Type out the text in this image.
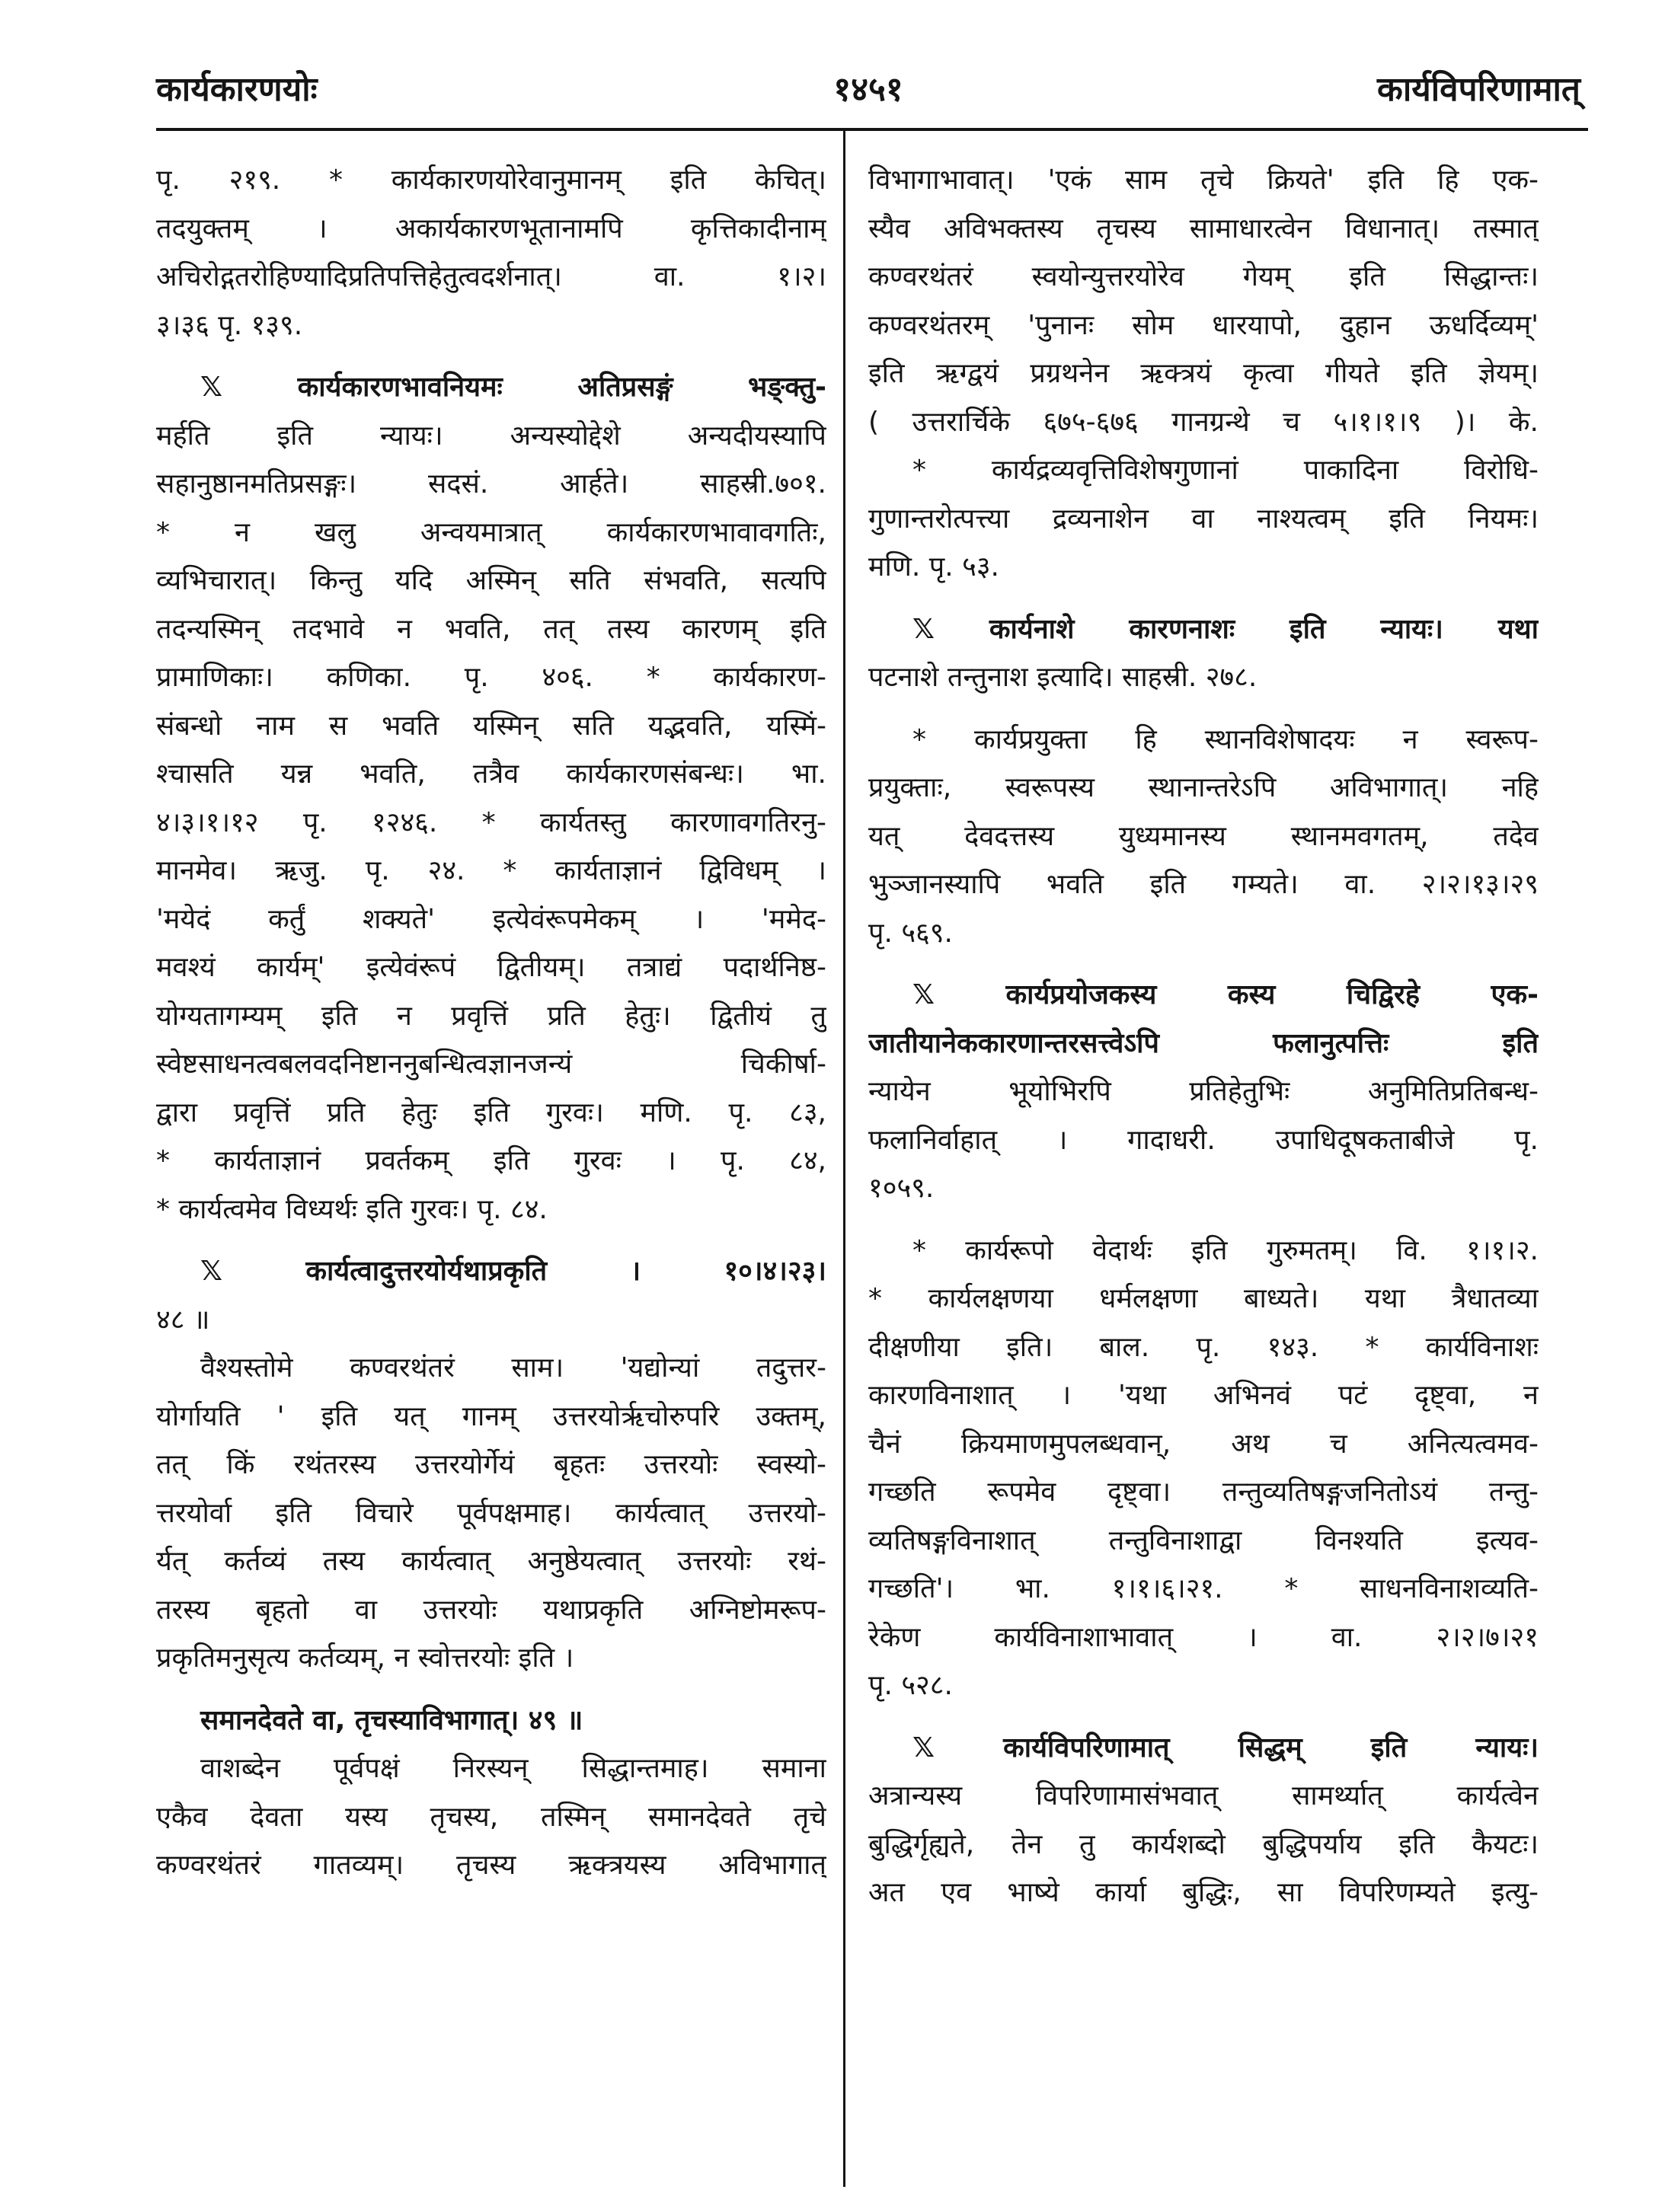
कार्यकारणयोः	१४५१	कार्यविपरिणामात्
पृ. २१९. * कार्यकारणयोरेवानुमानम् इति केचित्।
तदयुक्तम् । अकार्यकारणभूतानामपि कृत्तिकादीनाम्
अचिरोद्गतरोहिण्यादिप्रतिपत्तिहेतुत्वदर्शनात्। वा. १।२।
३।३६ पृ. १३९.
𝕏 कार्यकारणभावनियमः अतिप्रसङ्गं भङ्क्तु-
मर्हति इति न्यायः। अन्यस्योद्देशे अन्यदीयस्यापि
सहानुष्ठानमतिप्रसङ्गः। सदसं. आर्हते। साहस्री.७०१.
* न खलु अन्वयमात्रात् कार्यकारणभावावगतिः,
व्यभिचारात्। किन्तु यदि अस्मिन् सति संभवति, सत्यपि
तदन्यस्मिन् तदभावे न भवति, तत् तस्य कारणम् इति
प्रामाणिकाः। कणिका. पृ. ४०६. * कार्यकारण-
संबन्धो नाम स भवति यस्मिन् सति यद्भवति, यस्मिं-
श्चासति यन्न भवति, तत्रैव कार्यकारणसंबन्धः। भा.
४।३।१।१२ पृ. १२४६. * कार्यतस्तु कारणावगतिरनु-
मानमेव। ऋजु. पृ. २४. * कार्यताज्ञानं द्विविधम् ।
'मयेदं कर्तुं शक्यते' इत्येवंरूपमेकम् । 'ममेद-
मवश्यं कार्यम्' इत्येवंरूपं द्वितीयम्। तत्राद्यं पदार्थनिष्ठ-
योग्यतागम्यम् इति न प्रवृत्तिं प्रति हेतुः। द्वितीयं तु
स्वेष्टसाधनत्वबलवदनिष्टाननुबन्धित्वज्ञानजन्यं चिकीर्षा-
द्वारा प्रवृत्तिं प्रति हेतुः इति गुरवः। मणि. पृ. ८३,
* कार्यताज्ञानं प्रवर्तकम् इति गुरवः । पृ. ८४,
* कार्यत्वमेव विध्यर्थः इति गुरवः। पृ. ८४.
𝕏 कार्यत्वादुत्तरयोर्यथाप्रकृति । १०।४।२३।
४८ ॥
वैश्यस्तोमे कण्वरथंतरं साम। 'यद्योन्यां तदुत्तर-
योर्गायति ' इति यत् गानम् उत्तरयोर्ऋचोरुपरि उक्तम्,
तत् किं रथंतरस्य उत्तरयोर्गेयं बृहतः उत्तरयोः स्वस्यो-
त्तरयोर्वा इति विचारे पूर्वपक्षमाह। कार्यत्वात् उत्तरयो-
र्यत् कर्तव्यं तस्य कार्यत्वात् अनुष्ठेयत्वात् उत्तरयोः रथं-
तरस्य बृहतो वा उत्तरयोः यथाप्रकृति अग्निष्टोमरूप-
प्रकृतिमनुसृत्य कर्तव्यम्, न स्वोत्तरयोः इति ।
समानदेवते वा, तृचस्याविभागात्। ४९ ॥
वाशब्देन पूर्वपक्षं निरस्यन् सिद्धान्तमाह। समाना
एकैव देवता यस्य तृचस्य, तस्मिन् समानदेवते तृचे
कण्वरथंतरं गातव्यम्। तृचस्य ऋक्त्रयस्य अविभागात्
विभागाभावात्। 'एकं साम तृचे क्रियते' इति हि एक-
स्यैव अविभक्तस्य तृचस्य सामाधारत्वेन विधानात्। तस्मात्
कण्वरथंतरं स्वयोन्युत्तरयोरेव गेयम् इति सिद्धान्तः।
कण्वरथंतरम् 'पुनानः सोम धारयापो, दुहान ऊधर्दिव्यम्'
इति ऋग्द्वयं प्रग्रथनेन ऋक्त्रयं कृत्वा गीयते इति ज्ञेयम्।
( उत्तरार्चिके ६७५-६७६ गानग्रन्थे च ५।१।१।९ )। के.
* कार्यद्रव्यवृत्तिविशेषगुणानां पाकादिना विरोधि-
गुणान्तरोत्पत्त्या द्रव्यनाशेन वा नाश्यत्वम् इति नियमः।
मणि. पृ. ५३.
𝕏 कार्यनाशे कारणनाशः इति न्यायः। यथा
पटनाशे तन्तुनाश इत्यादि। साहस्री. २७८.
* कार्यप्रयुक्ता हि स्थानविशेषादयः न स्वरूप-
प्रयुक्ताः, स्वरूपस्य स्थानान्तरेऽपि अविभागात्। नहि
यत् देवदत्तस्य युध्यमानस्य स्थानमवगतम्, तदेव
भुञ्जानस्यापि भवति इति गम्यते। वा. २।२।१३।२९
पृ. ५६९.
𝕏 कार्यप्रयोजकस्य कस्य चिद्विरहे एक-
जातीयानेककारणान्तरसत्त्वेऽपि फलानुत्पत्तिः इति
न्यायेन भूयोभिरपि प्रतिहेतुभिः अनुमितिप्रतिबन्ध-
फलानिर्वाहात् । गादाधरी. उपाधिदूषकताबीजे पृ.
१०५९.
* कार्यरूपो वेदार्थः इति गुरुमतम्। वि. १।१।२.
* कार्यलक्षणया धर्मलक्षणा बाध्यते। यथा त्रैधातव्या
दीक्षणीया इति। बाल. पृ. १४३. * कार्यविनाशः
कारणविनाशात् । 'यथा अभिनवं पटं दृष्ट्वा, न
चैनं क्रियमाणमुपलब्धवान्, अथ च अनित्यत्वमव-
गच्छति रूपमेव दृष्ट्वा। तन्तुव्यतिषङ्गजनितोऽयं तन्तु-
व्यतिषङ्गविनाशात् तन्तुविनाशाद्वा विनश्यति इत्यव-
गच्छति'। भा. १।१।६।२१. * साधनविनाशव्यति-
रेकेण कार्यविनाशाभावात् । वा. २।२।७।२१
पृ. ५२८.
𝕏 कार्यविपरिणामात् सिद्धम् इति न्यायः।
अत्रान्यस्य विपरिणामासंभवात् सामर्थ्यात् कार्यत्वेन
बुद्धिर्गृह्यते, तेन तु कार्यशब्दो बुद्धिपर्याय इति कैयटः।
अत एव भाष्ये कार्या बुद्धिः, सा विपरिणम्यते इत्यु-
